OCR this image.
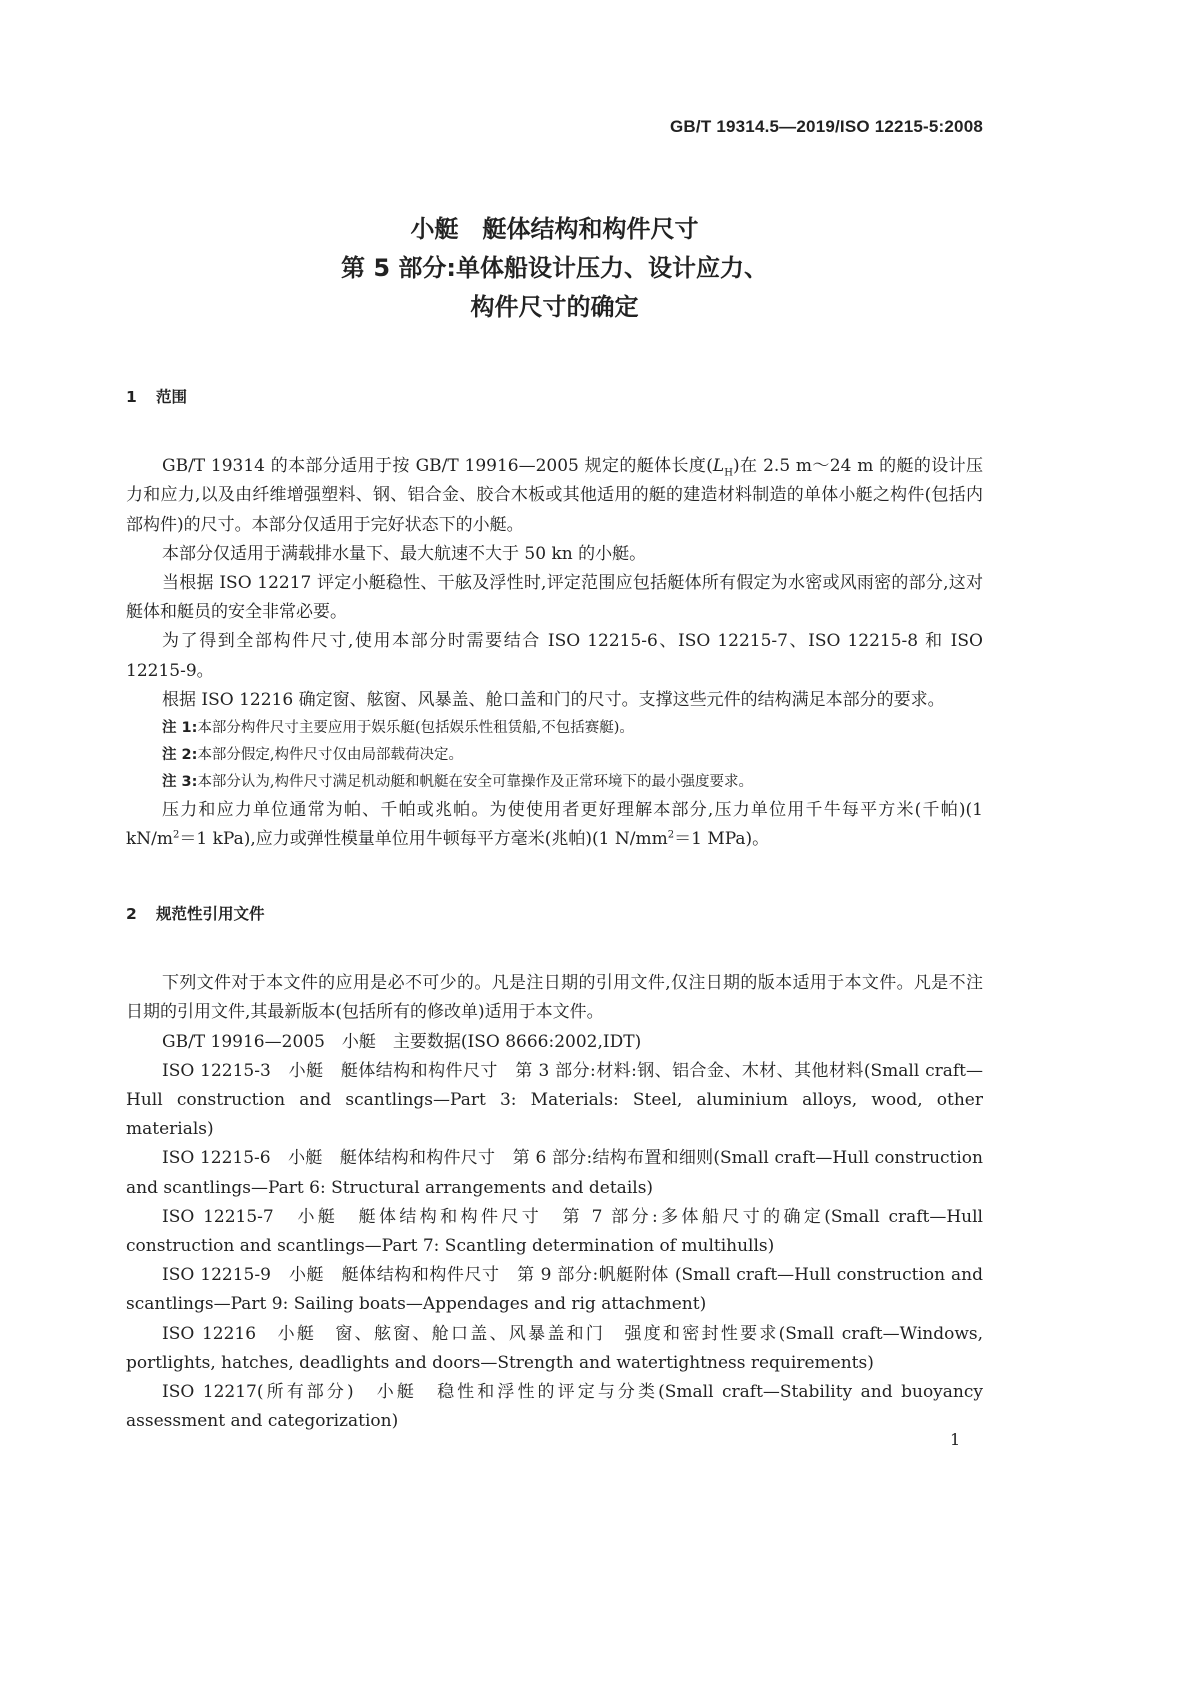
GB/T 19314.5—2019/ISO 12215-5:2008
小艇　艇体结构和构件尺寸
第 5 部分:单体船设计压力、设计应力、
构件尺寸的确定
1 范围

GB/T 19314 的本部分适用于按 GB/T 19916—2005 规定的艇体长度$(L_H)$在 2.5 m～24 m 的艇的设计压力和应力,以及由纤维增强塑料、钢、铝合金、胶合木板或其他适用的艇的建造材料制造的单体小艇之构件(包括内部构件)的尺寸。本部分仅适用于完好状态下的小艇。

本部分仅适用于满载排水量下、最大航速不大于 50 kn 的小艇。

当根据 ISO 12217 评定小艇稳性、干舷及浮性时,评定范围应包括艇体所有假定为水密或风雨密的部分,这对艇体和艇员的安全非常必要。

为了得到全部构件尺寸,使用本部分时需要结合 ISO 12215-6、ISO 12215-7、ISO 12215-8 和 ISO 12215-9。

根据 ISO 12216 确定窗、舷窗、风暴盖、舱口盖和门的尺寸。支撑这些元件的结构满足本部分的要求。

注 1:本部分构件尺寸主要应用于娱乐艇(包括娱乐性租赁船,不包括赛艇)。

注 2:本部分假定,构件尺寸仅由局部载荷决定。

注 3:本部分认为,构件尺寸满足机动艇和帆艇在安全可靠操作及正常环境下的最小强度要求。

压力和应力单位通常为帕、千帕或兆帕。为使使用者更好理解本部分,压力单位用千牛每平方米(千帕)(1 $kN/m^2=1$ kPa),应力或弹性模量单位用牛顿每平方毫米(兆帕)(1 $N/mm^2=1$ MPa)。

2 规范性引用文件

下列文件对于本文件的应用是必不可少的。凡是注日期的引用文件,仅注日期的版本适用于本文件。凡是不注日期的引用文件,其最新版本(包括所有的修改单)适用于本文件。

GB/T 19916—2005　小艇　主要数据(ISO 8666:2002,IDT)

ISO 12215-3　小艇　艇体结构和构件尺寸　第 3 部分:材料:钢、铝合金、木材、其他材料(Small craft—Hull construction and scantlings—Part 3: Materials: Steel, aluminium alloys, wood, other materials)

ISO 12215-6　小艇　艇体结构和构件尺寸　第 6 部分:结构布置和细则(Small craft—Hull construction and scantlings—Part 6: Structural arrangements and details)

ISO 12215-7　小艇　艇体结构和构件尺寸　第 7 部分:多体船尺寸的确定(Small craft—Hull construction and scantlings—Part 7: Scantling determination of multihulls)

ISO 12215-9　小艇　艇体结构和构件尺寸　第 9 部分:帆艇附体 (Small craft—Hull construction and scantlings—Part 9: Sailing boats—Appendages and rig attachment)

ISO 12216　小艇　窗、舷窗、舱口盖、风暴盖和门　强度和密封性要求(Small craft—Windows, portlights, hatches, deadlights and doors—Strength and watertightness requirements)

ISO 12217(所有部分)　小艇　稳性和浮性的评定与分类(Small craft—Stability and buoyancy assessment and categorization)

1
